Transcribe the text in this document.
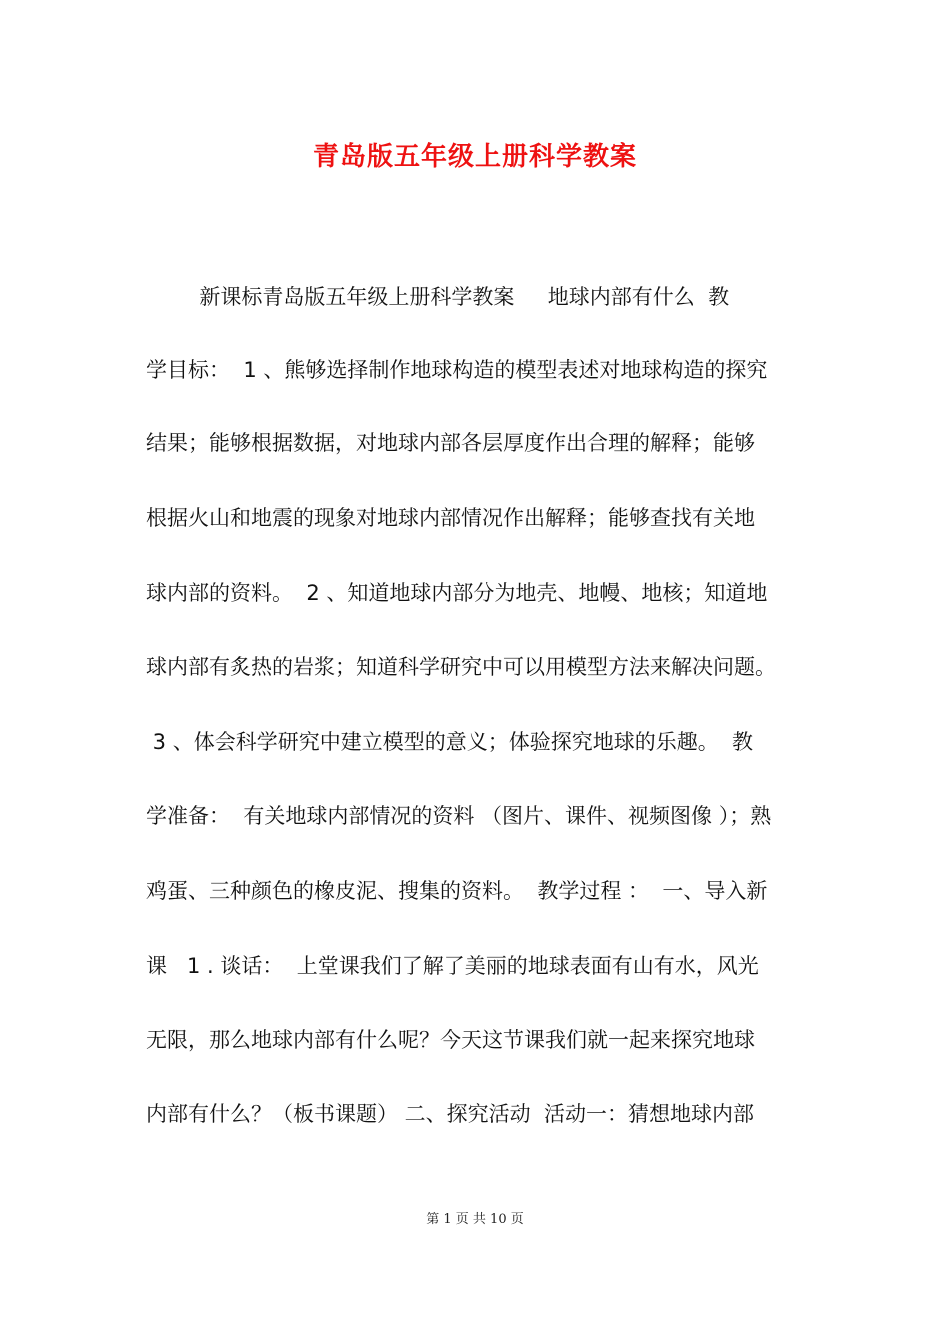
青岛版五年级上册科学教案
新课标青岛版五年级上册科学教案     地球内部有什么  教
学目标：  1 、熊够选择制作地球构造的模型表述对地球构造的探究
结果；能够根据数据，对地球内部各层厚度作出合理的解释；能够
根据火山和地震的现象对地球内部情况作出解释；能够查找有关地
球内部的资料。  2 、知道地球内部分为地壳、地幔、地核；知道地
球内部有炙热的岩浆；知道科学研究中可以用模型方法来解决问题。
3 、体会科学研究中建立模型的意义；体验探究地球的乐趣。  教
学准备：  有关地球内部情况的资料 （图片、课件、视频图像 ）；熟
鸡蛋、三种颜色的橡皮泥、搜集的资料。  教学过程 ：  一、导入新
课   1 . 谈话：  上堂课我们了解了美丽的地球表面有山有水，风光
无限，那么地球内部有什么呢？今天这节课我们就一起来探究地球
内部有什么？（板书课题） 二、探究活动  活动一：猜想地球内部
第 1 页 共 10 页
